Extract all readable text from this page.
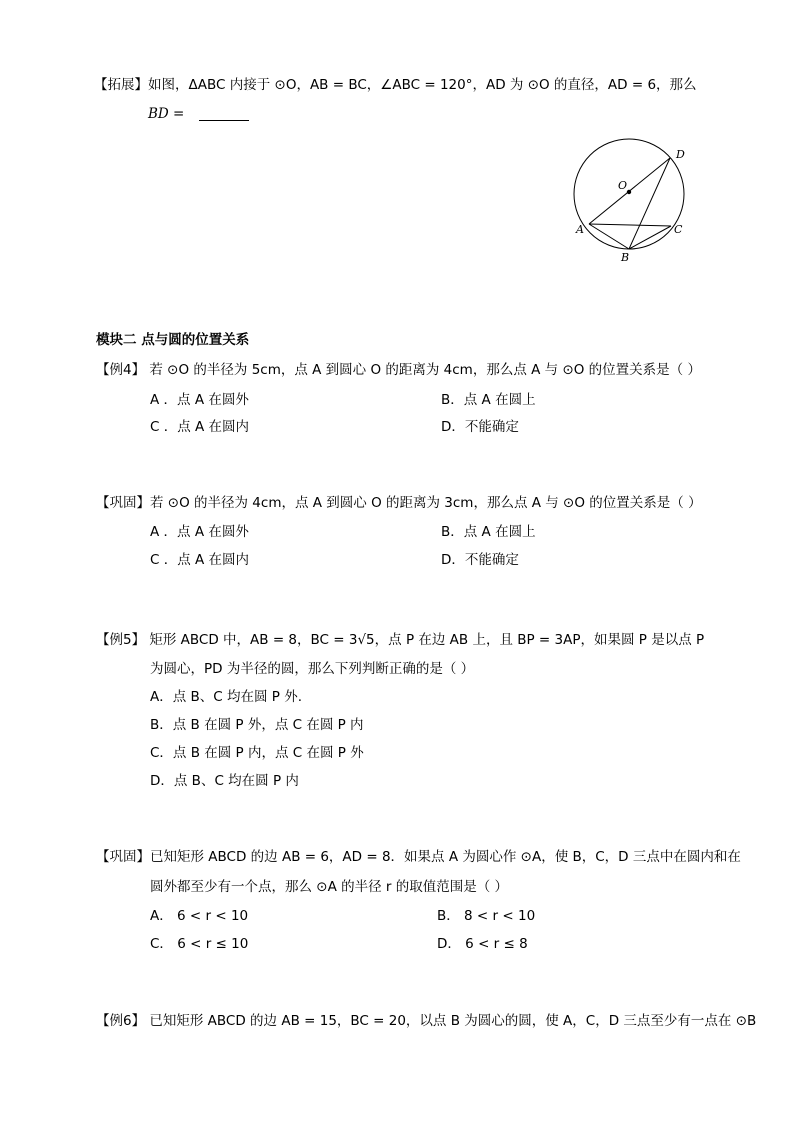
【拓展】如图，ΔABC 内接于 ⊙O，AB = BC，∠ABC = 120°，AD 为 ⊙O 的直径，AD = 6，那么
BD =
D
O
A	C
B
模块二 点与圆的位置关系
【例4】 若 ⊙O 的半径为 5cm，点 A 到圆心 O 的距离为 4cm，那么点 A 与 ⊙O 的位置关系是（ ）
A ．点 A 在圆外	B．点 A 在圆上
C ．点 A 在圆内	D．不能确定
【巩固】若 ⊙O 的半径为 4cm，点 A 到圆心 O 的距离为 3cm，那么点 A 与 ⊙O 的位置关系是（ ）
A ．点 A 在圆外	B．点 A 在圆上
C ．点 A 在圆内	D．不能确定
【例5】 矩形 ABCD 中，AB = 8，BC = 3√5，点 P 在边 AB 上，且 BP = 3AP，如果圆 P 是以点 P
为圆心，PD 为半径的圆，那么下列判断正确的是（ ）
A．点 B、C 均在圆 P 外.
B．点 B 在圆 P 外，点 C 在圆 P 内
C．点 B 在圆 P 内，点 C 在圆 P 外
D．点 B、C 均在圆 P 内
【巩固】已知矩形 ABCD 的边 AB = 6，AD = 8．如果点 A 为圆心作 ⊙A，使 B，C，D 三点中在圆内和在
圆外都至少有一个点，那么 ⊙A 的半径 r 的取值范围是（ ）
A． 6 < r < 10	B． 8 < r < 10
C． 6 < r ≤ 10	D． 6 < r ≤ 8
【例6】 已知矩形 ABCD 的边 AB = 15，BC = 20，以点 B 为圆心的圆，使 A，C，D 三点至少有一点在 ⊙B
